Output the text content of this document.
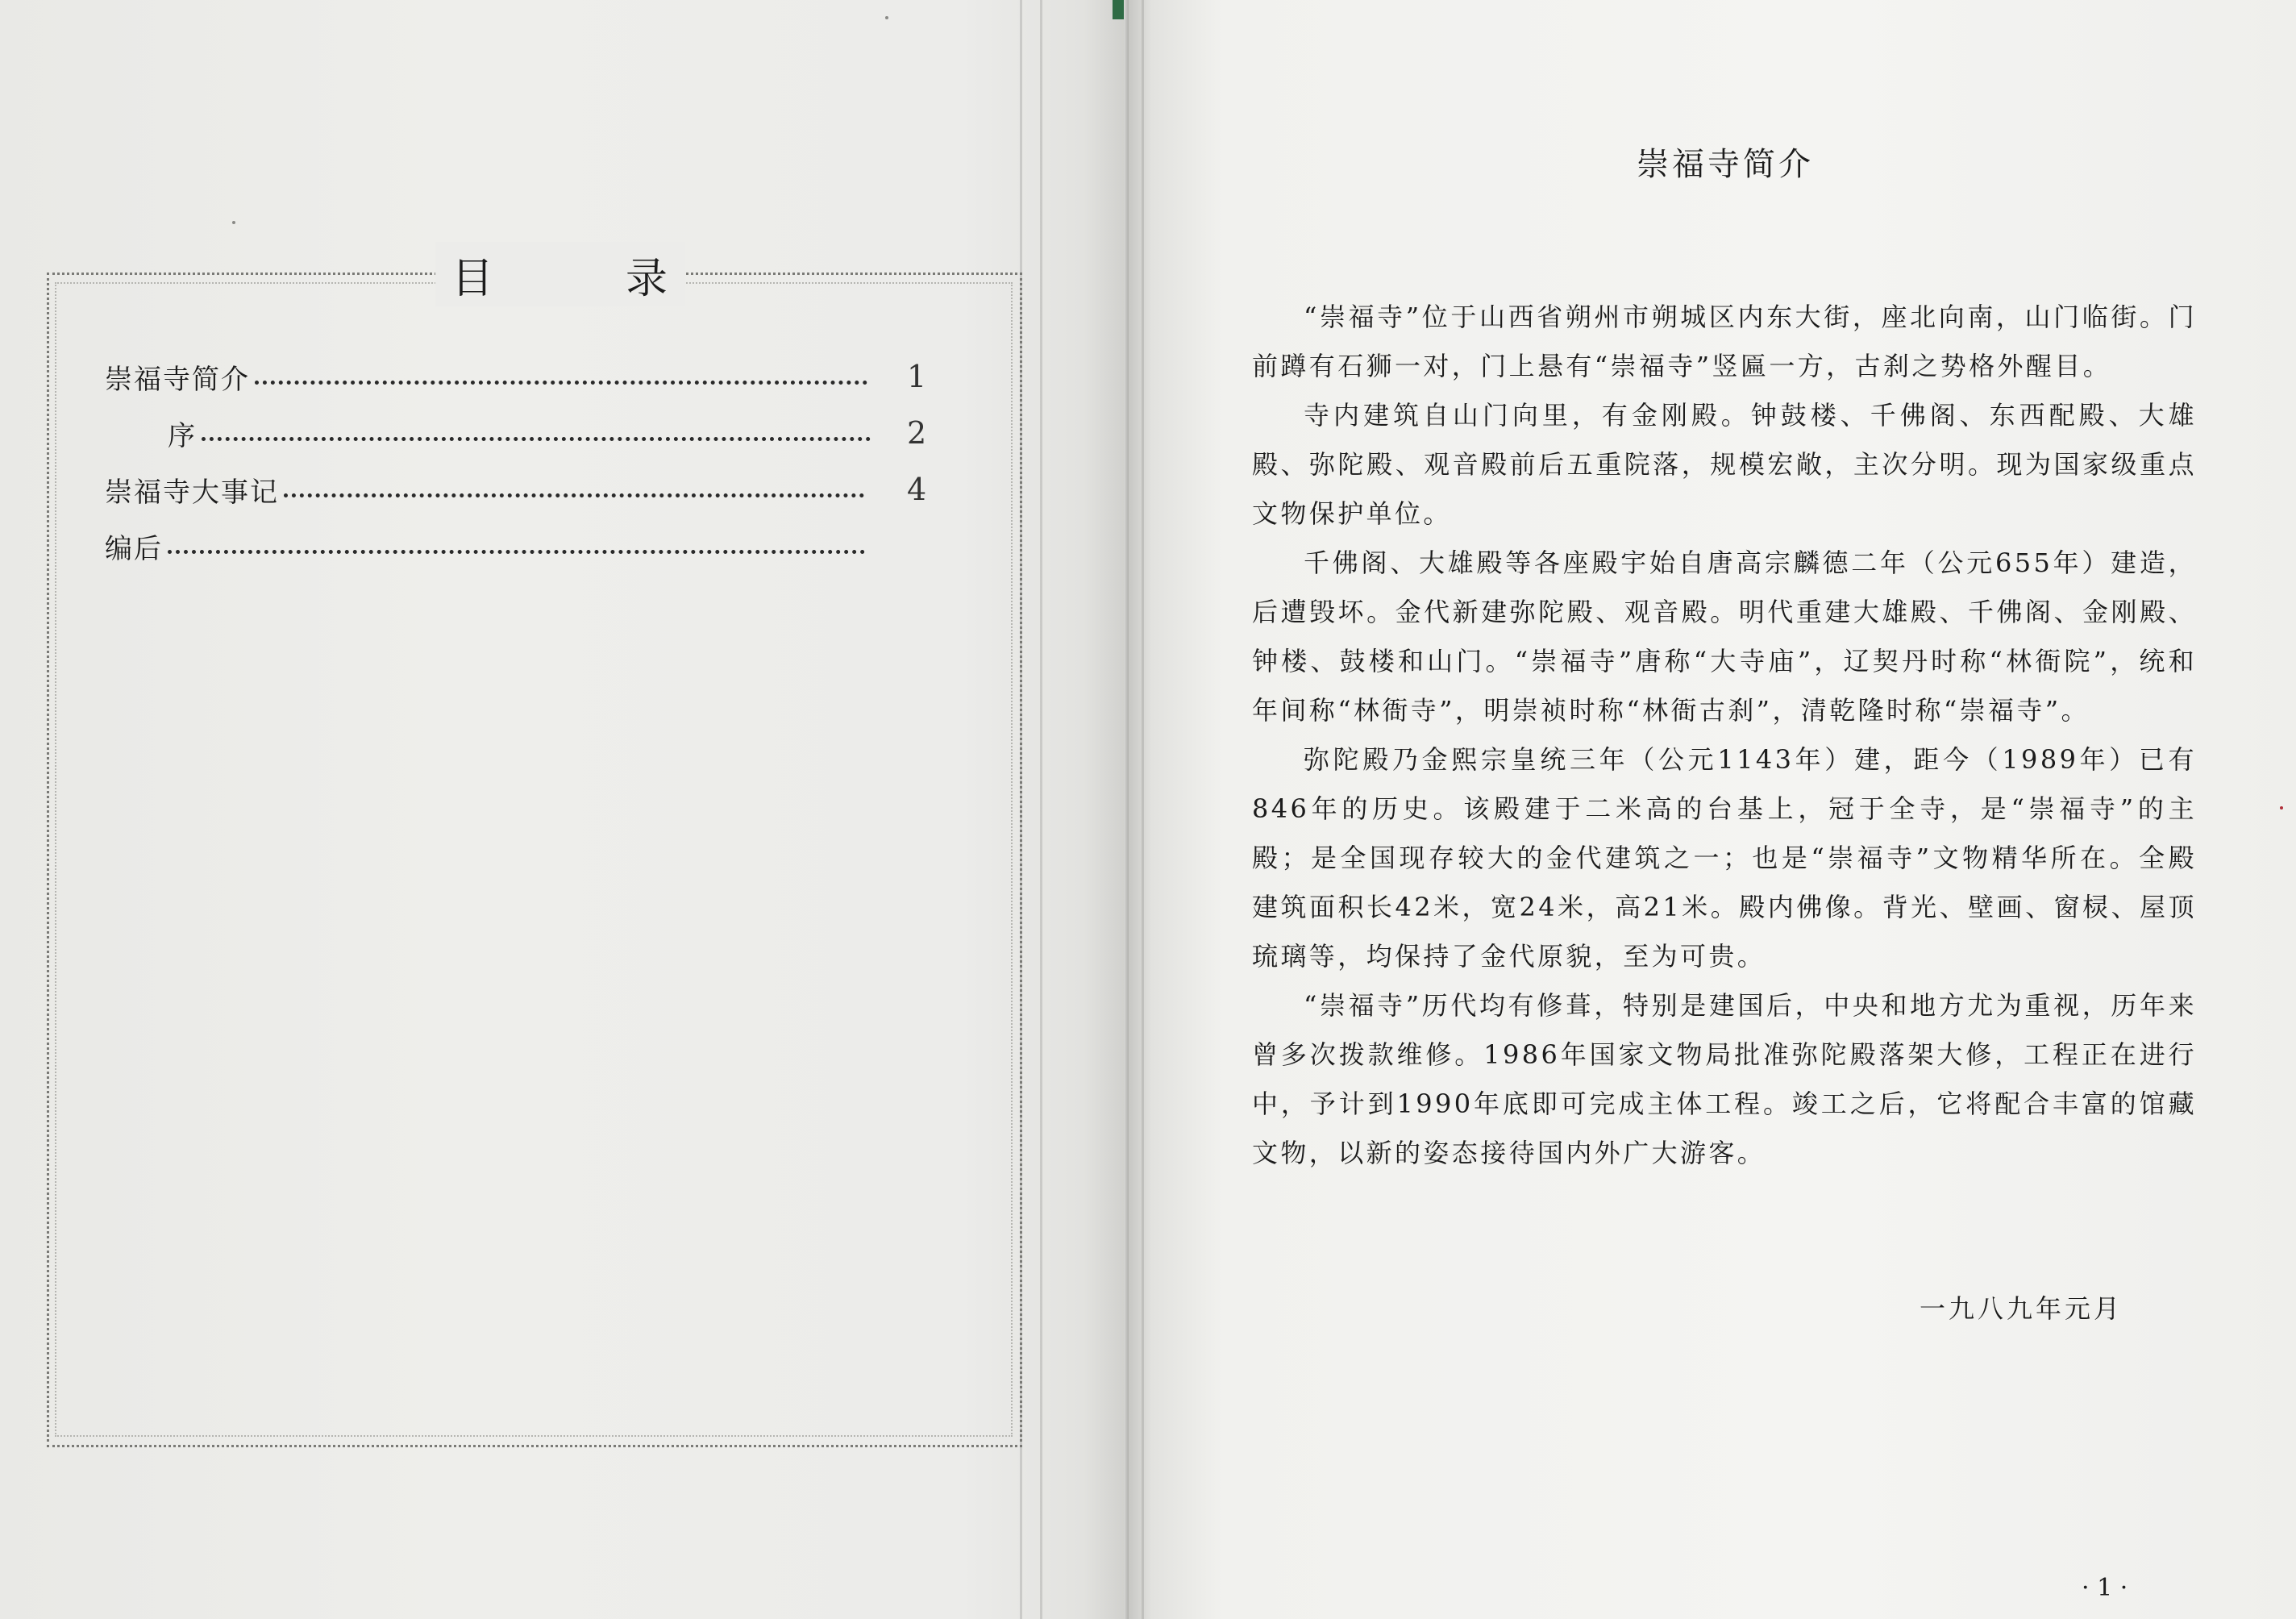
目	录
崇福寺简介	1
序	2
崇福寺大事记	4
编后
崇福寺简介

“崇福寺”位于山西省朔州市朔城区内东大街，座北向南，山门临街。门前蹲有石狮一对，门上悬有“崇福寺”竖匾一方，古刹之势格外醒目。

寺内建筑自山门向里，有金刚殿。钟鼓楼、千佛阁、东西配殿、大雄殿、弥陀殿、观音殿前后五重院落，规模宏敞，主次分明。现为国家级重点文物保护单位。

千佛阁、大雄殿等各座殿宇始自唐高宗麟德二年（公元655年）建造，后遭毁坏。金代新建弥陀殿、观音殿。明代重建大雄殿、千佛阁、金刚殿、钟楼、鼓楼和山门。“崇福寺”唐称“大寺庙”，辽契丹时称“林衙院”，统和年间称“林衙寺”，明崇祯时称“林衙古刹”，清乾隆时称“崇福寺”。

弥陀殿乃金熙宗皇统三年（公元1143年）建，距今（1989年）已有846年的历史。该殿建于二米高的台基上，冠于全寺，是“崇福寺”的主殿；是全国现存较大的金代建筑之一；也是“崇福寺”文物精华所在。全殿建筑面积长42米，宽24米，高21米。殿内佛像。背光、壁画、窗棂、屋顶琉璃等，均保持了金代原貌，至为可贵。

“崇福寺”历代均有修葺，特别是建国后，中央和地方尤为重视，历年来曾多次拨款维修。1986年国家文物局批准弥陀殿落架大修，工程正在进行中，予计到1990年底即可完成主体工程。竣工之后，它将配合丰富的馆藏文物，以新的姿态接待国内外广大游客。

一九八九年元月
· 1 ·
